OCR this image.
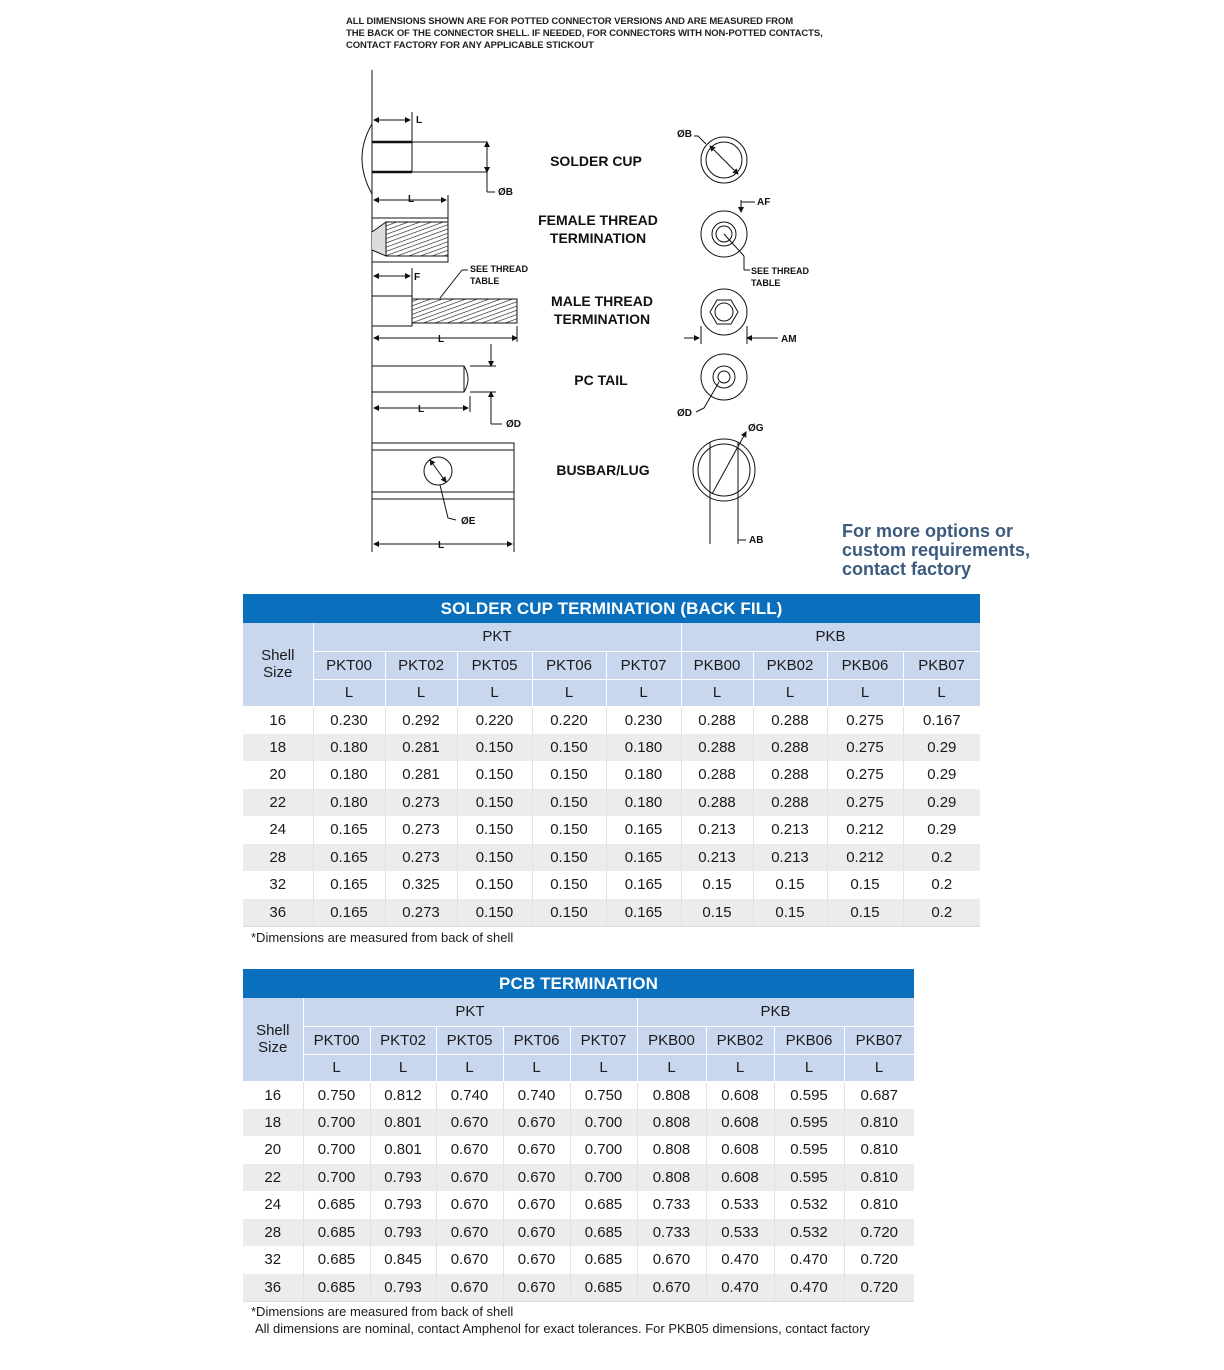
ALL DIMENSIONS SHOWN ARE FOR POTTED CONNECTOR VERSIONS AND ARE MEASURED FROM
THE BACK OF THE CONNECTOR SHELL. IF NEEDED, FOR CONNECTORS WITH NON-POTTED CONTACTS,
CONTACT FACTORY FOR ANY APPLICABLE STICKOUT
L
ØB
L
F
SEE THREAD
TABLE
L
L
ØD
ØE
L
ØB
AF
SEE THREAD
TABLE
AM
ØD
ØG
AB
SOLDER CUP
FEMALE THREAD
TERMINATION
MALE THREAD
TERMINATION
PC TAIL
BUSBAR/LUG
For more options or
custom requirements,
contact factory
SOLDER CUP TERMINATION (BACK FILL)									

Shell
Size	PKT					PKB			
	PKT00	PKT02	PKT05	PKT06	PKT07	PKB00	PKB02	PKB06	PKB07
	L	L	L	L	L	L	L	L	L
16	0.230	0.292	0.220	0.220	0.230	0.288	0.288	0.275	0.167
18	0.180	0.281	0.150	0.150	0.180	0.288	0.288	0.275	0.29
20	0.180	0.281	0.150	0.150	0.180	0.288	0.288	0.275	0.29
22	0.180	0.273	0.150	0.150	0.180	0.288	0.288	0.275	0.29
24	0.165	0.273	0.150	0.150	0.165	0.213	0.213	0.212	0.29
28	0.165	0.273	0.150	0.150	0.165	0.213	0.213	0.212	0.2
32	0.165	0.325	0.150	0.150	0.165	0.15	0.15	0.15	0.2
36	0.165	0.273	0.150	0.150	0.165	0.15	0.15	0.15	0.2
*Dimensions are measured from back of shell
PCB TERMINATION									

Shell
Size	PKT					PKB			
	PKT00	PKT02	PKT05	PKT06	PKT07	PKB00	PKB02	PKB06	PKB07
	L	L	L	L	L	L	L	L	L
16	0.750	0.812	0.740	0.740	0.750	0.808	0.608	0.595	0.687
18	0.700	0.801	0.670	0.670	0.700	0.808	0.608	0.595	0.810
20	0.700	0.801	0.670	0.670	0.700	0.808	0.608	0.595	0.810
22	0.700	0.793	0.670	0.670	0.700	0.808	0.608	0.595	0.810
24	0.685	0.793	0.670	0.670	0.685	0.733	0.533	0.532	0.810
28	0.685	0.793	0.670	0.670	0.685	0.733	0.533	0.532	0.720
32	0.685	0.845	0.670	0.670	0.685	0.670	0.470	0.470	0.720
36	0.685	0.793	0.670	0.670	0.685	0.670	0.470	0.470	0.720
*Dimensions are measured from back of shell
All dimensions are nominal, contact Amphenol for exact tolerances. For PKB05 dimensions, contact factory
